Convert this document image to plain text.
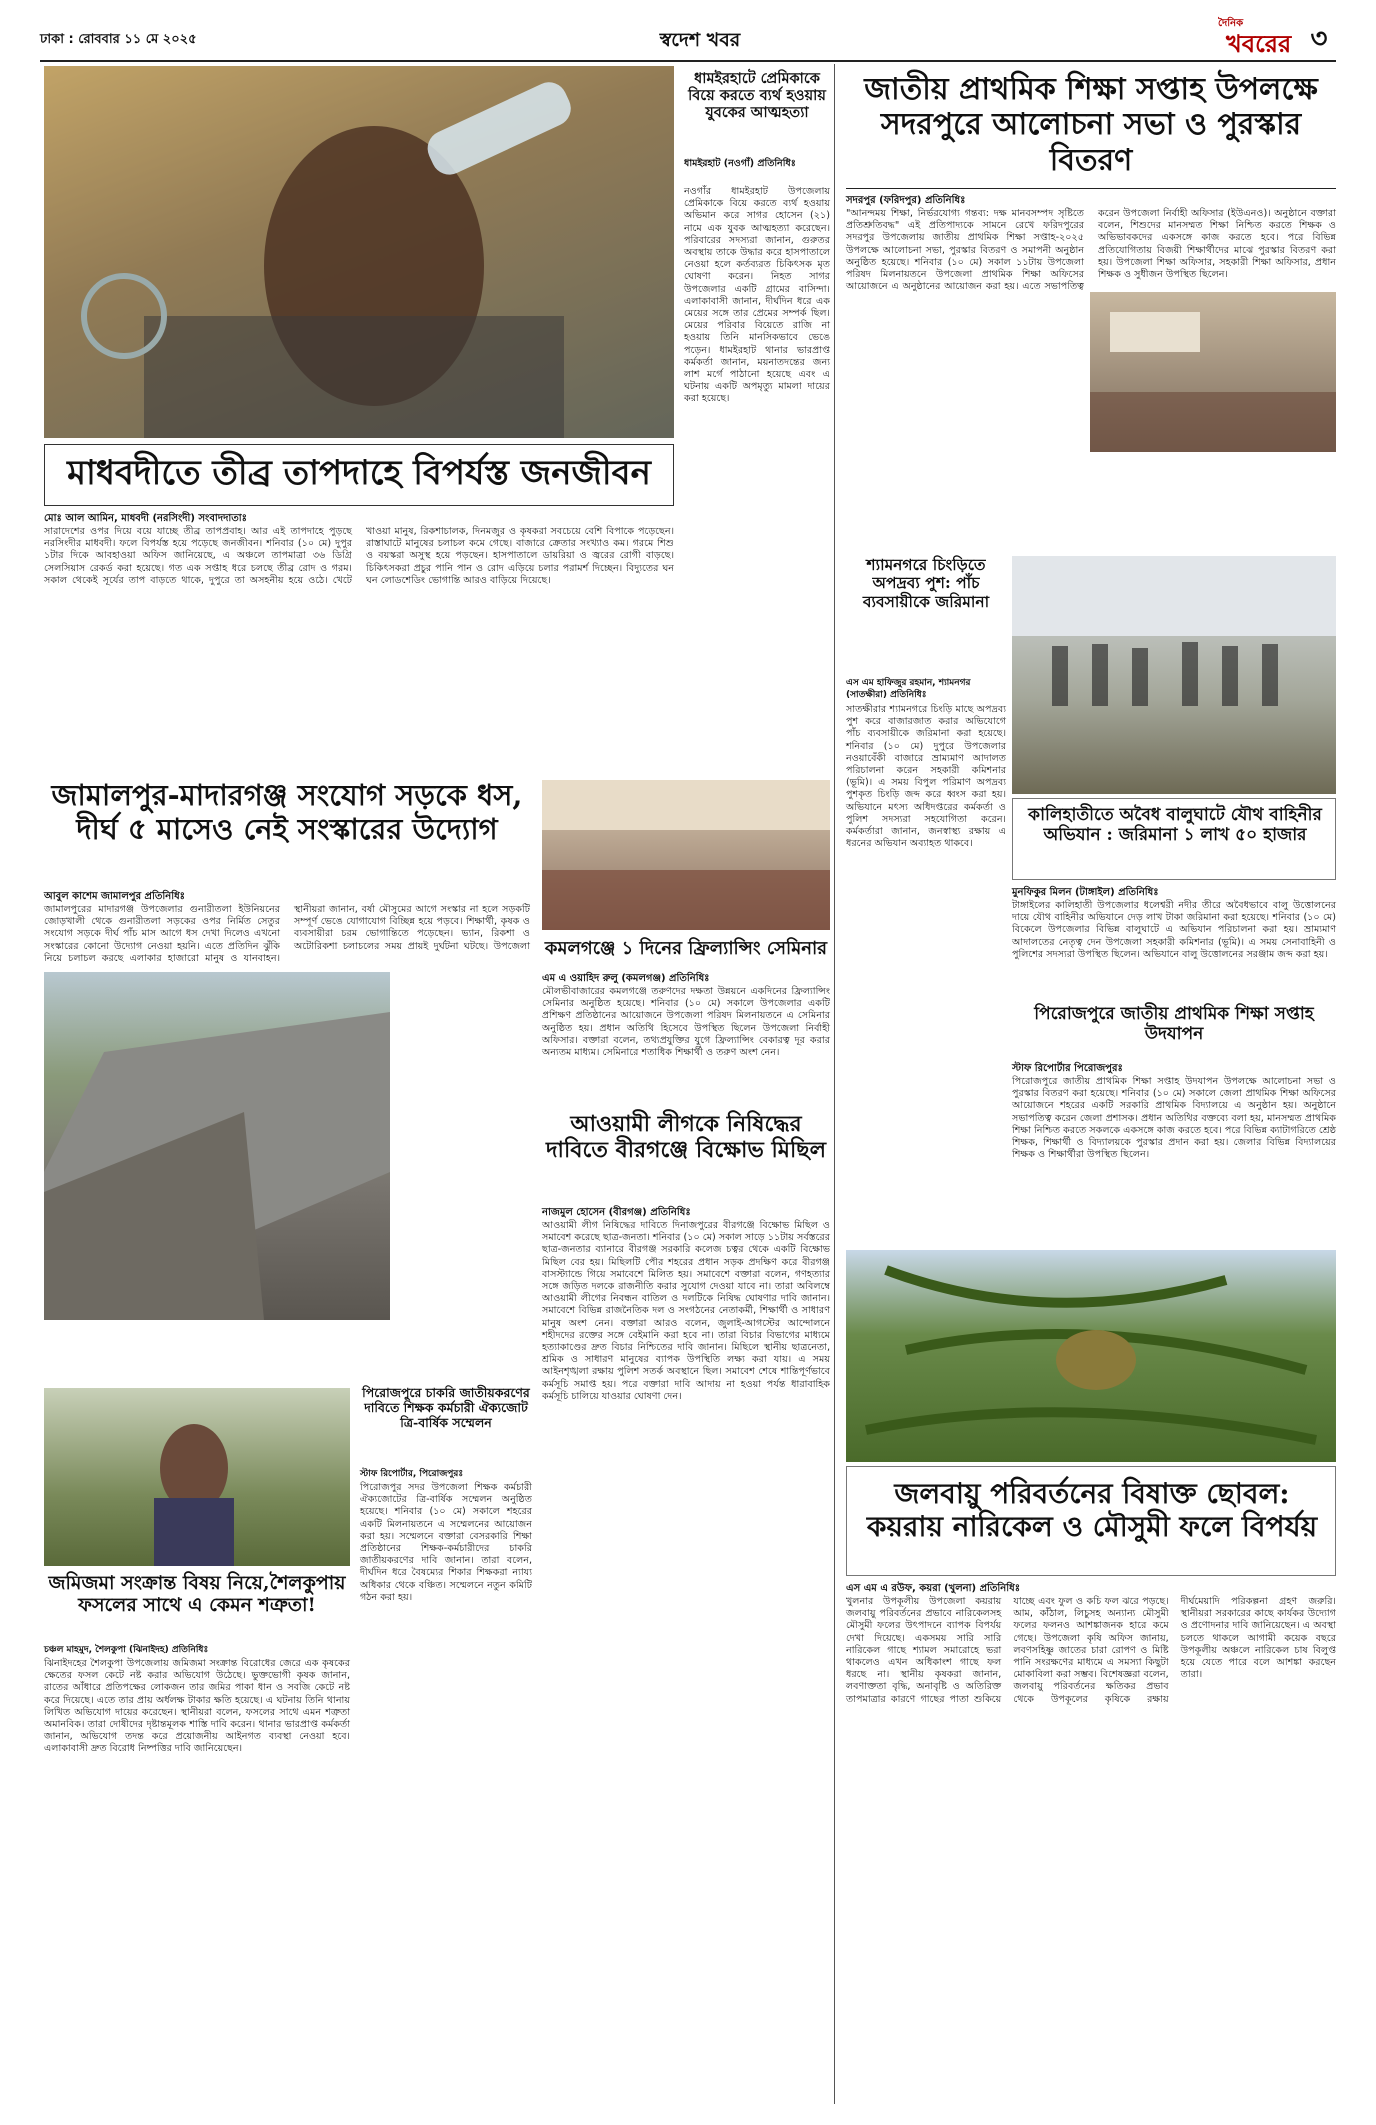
ঢাকা : রোববার ১১ মে ২০২৫	স্বদেশ খবর
দৈনিক
খবরের ৩
মাধবদীতে তীব্র তাপদাহে বিপর্যস্ত জনজীবন
মোঃ আল আমিন, মাধবদী (নরসিংদী) সংবাদদাতাঃ
সারাদেশের ওপর দিয়ে বয়ে যাচ্ছে তীব্র তাপপ্রবাহ। আর এই তাপদাহে পুড়ছে নরসিংদীর মাধবদী। ফলে বিপর্যস্ত হয়ে পড়েছে জনজীবন। শনিবার (১০ মে) দুপুর ১টার দিকে আবহাওয়া অফিস জানিয়েছে, এ অঞ্চলে তাপমাত্রা ৩৬ ডিগ্রি সেলসিয়াস রেকর্ড করা হয়েছে। গত এক সপ্তাহ ধরে চলছে তীব্র রোদ ও গরম। সকাল থেকেই সূর্যের তাপ বাড়তে থাকে, দুপুরে তা অসহনীয় হয়ে ওঠে। খেটে খাওয়া মানুষ, রিকশাচালক, দিনমজুর ও কৃষকরা সবচেয়ে বেশি বিপাকে পড়েছেন। রাস্তাঘাটে মানুষের চলাচল কমে গেছে। বাজারে ক্রেতার সংখ্যাও কম। গরমে শিশু ও বয়স্করা অসুস্থ হয়ে পড়ছেন। হাসপাতালে ডায়রিয়া ও জ্বরের রোগী বাড়ছে। চিকিৎসকরা প্রচুর পানি পান ও রোদ এড়িয়ে চলার পরামর্শ দিচ্ছেন। বিদ্যুতের ঘন ঘন লোডশেডিং ভোগান্তি আরও বাড়িয়ে দিয়েছে।
ধামইরহাটে প্রেমিকাকে বিয়ে করতে ব্যর্থ হওয়ায় যুবকের আত্মহত্যা
ধামইরহাট (নওগাঁ) প্রতিনিধিঃ
নওগাঁর ধামইরহাট উপজেলায় প্রেমিকাকে বিয়ে করতে ব্যর্থ হওয়ায় অভিমান করে সাগর হোসেন (২১) নামে এক যুবক আত্মহত্যা করেছেন। পরিবারের সদস্যরা জানান, গুরুতর অবস্থায় তাকে উদ্ধার করে হাসপাতালে নেওয়া হলে কর্তব্যরত চিকিৎসক মৃত ঘোষণা করেন। নিহত সাগর উপজেলার একটি গ্রামের বাসিন্দা। এলাকাবাসী জানান, দীর্ঘদিন ধরে এক মেয়ের সঙ্গে তার প্রেমের সম্পর্ক ছিল। মেয়ের পরিবার বিয়েতে রাজি না হওয়ায় তিনি মানসিকভাবে ভেঙে পড়েন। ধামইরহাট থানার ভারপ্রাপ্ত কর্মকর্তা জানান, ময়নাতদন্তের জন্য লাশ মর্গে পাঠানো হয়েছে এবং এ ঘটনায় একটি অপমৃত্যু মামলা দায়ের করা হয়েছে।
জাতীয় প্রাথমিক শিক্ষা সপ্তাহ উপলক্ষে সদরপুরে আলোচনা সভা ও পুরস্কার বিতরণ
সদরপুর (ফরিদপুর) প্রতিনিধিঃ
"আনন্দময় শিক্ষা, নির্ভরযোগ্য গন্তব্য: দক্ষ মানবসম্পদ সৃষ্টিতে প্রতিশ্রুতিবদ্ধ" এই প্রতিপাদ্যকে সামনে রেখে ফরিদপুরের সদরপুর উপজেলায় জাতীয় প্রাথমিক শিক্ষা সপ্তাহ-২০২৫ উপলক্ষে আলোচনা সভা, পুরস্কার বিতরণ ও সমাপনী অনুষ্ঠান অনুষ্ঠিত হয়েছে। শনিবার (১০ মে) সকাল ১১টায় উপজেলা পরিষদ মিলনায়তনে উপজেলা প্রাথমিক শিক্ষা অফিসের আয়োজনে এ অনুষ্ঠানের আয়োজন করা হয়। এতে সভাপতিত্ব করেন উপজেলা নির্বাহী অফিসার (ইউএনও)। অনুষ্ঠানে বক্তারা বলেন, শিশুদের মানসম্মত শিক্ষা নিশ্চিত করতে শিক্ষক ও অভিভাবকদের একসঙ্গে কাজ করতে হবে। পরে বিভিন্ন প্রতিযোগিতায় বিজয়ী শিক্ষার্থীদের মাঝে পুরস্কার বিতরণ করা হয়। উপজেলা শিক্ষা অফিসার, সহকারী শিক্ষা অফিসার, প্রধান শিক্ষক ও সুধীজন উপস্থিত ছিলেন।
শ্যামনগরে চিংড়িতে অপদ্রব্য পুশ: পাঁচ ব্যবসায়ীকে জরিমানা
এস এম হাফিজুর রহমান, শ্যামনগর (সাতক্ষীরা) প্রতিনিধিঃ
সাতক্ষীরার শ্যামনগরে চিংড়ি মাছে অপদ্রব্য পুশ করে বাজারজাত করার অভিযোগে পাঁচ ব্যবসায়ীকে জরিমানা করা হয়েছে। শনিবার (১০ মে) দুপুরে উপজেলার নওয়াবেঁকী বাজারে ভ্রাম্যমাণ আদালত পরিচালনা করেন সহকারী কমিশনার (ভূমি)। এ সময় বিপুল পরিমাণ অপদ্রব্য পুশকৃত চিংড়ি জব্দ করে ধ্বংস করা হয়। অভিযানে মৎস্য অধিদপ্তরের কর্মকর্তা ও পুলিশ সদস্যরা সহযোগিতা করেন। কর্মকর্তারা জানান, জনস্বাস্থ্য রক্ষায় এ ধরনের অভিযান অব্যাহত থাকবে।
কালিহাতীতে অবৈধ বালুঘাটে যৌথ বাহিনীর অভিযান : জরিমানা ১ লাখ ৫০ হাজার
মুনফিকুর মিলন (টাঙ্গাইল) প্রতিনিধিঃ
টাঙ্গাইলের কালিহাতী উপজেলার ধলেশ্বরী নদীর তীরে অবৈধভাবে বালু উত্তোলনের দায়ে যৌথ বাহিনীর অভিযানে দেড় লাখ টাকা জরিমানা করা হয়েছে। শনিবার (১০ মে) বিকেলে উপজেলার বিভিন্ন বালুঘাটে এ অভিযান পরিচালনা করা হয়। ভ্রাম্যমাণ আদালতের নেতৃত্ব দেন উপজেলা সহকারী কমিশনার (ভূমি)। এ সময় সেনাবাহিনী ও পুলিশের সদস্যরা উপস্থিত ছিলেন। অভিযানে বালু উত্তোলনের সরঞ্জাম জব্দ করা হয়।
পিরোজপুরে জাতীয় প্রাথমিক শিক্ষা সপ্তাহ উদযাপন
স্টাফ রিপোর্টার পিরোজপুরঃ
পিরোজপুরে জাতীয় প্রাথমিক শিক্ষা সপ্তাহ উদযাপন উপলক্ষে আলোচনা সভা ও পুরস্কার বিতরণ করা হয়েছে। শনিবার (১০ মে) সকালে জেলা প্রাথমিক শিক্ষা অফিসের আয়োজনে শহরের একটি সরকারি প্রাথমিক বিদ্যালয়ে এ অনুষ্ঠান হয়। অনুষ্ঠানে সভাপতিত্ব করেন জেলা প্রশাসক। প্রধান অতিথির বক্তব্যে বলা হয়, মানসম্মত প্রাথমিক শিক্ষা নিশ্চিত করতে সকলকে একসঙ্গে কাজ করতে হবে। পরে বিভিন্ন ক্যাটাগরিতে শ্রেষ্ঠ শিক্ষক, শিক্ষার্থী ও বিদ্যালয়কে পুরস্কার প্রদান করা হয়। জেলার বিভিন্ন বিদ্যালয়ের শিক্ষক ও শিক্ষার্থীরা উপস্থিত ছিলেন।
জামালপুর-মাদারগঞ্জ সংযোগ সড়কে ধস, দীর্ঘ ৫ মাসেও নেই সংস্কারের উদ্যোগ
আবুল কাশেম জামালপুর প্রতিনিধিঃ
জামালপুরের মাদারগঞ্জ উপজেলার গুনারীতলা ইউনিয়নের জোড়খালী থেকে গুনারীতলা সড়কের ওপর নির্মিত সেতুর সংযোগ সড়কে দীর্ঘ পাঁচ মাস আগে ধস দেখা দিলেও এখনো সংস্কারের কোনো উদ্যোগ নেওয়া হয়নি। এতে প্রতিদিন ঝুঁকি নিয়ে চলাচল করছে এলাকার হাজারো মানুষ ও যানবাহন। স্থানীয়রা জানান, বর্ষা মৌসুমের আগে সংস্কার না হলে সড়কটি সম্পূর্ণ ভেঙে যোগাযোগ বিচ্ছিন্ন হয়ে পড়বে। শিক্ষার্থী, কৃষক ও ব্যবসায়ীরা চরম ভোগান্তিতে পড়েছেন। ভ্যান, রিকশা ও অটোরিকশা চলাচলের সময় প্রায়ই দুর্ঘটনা ঘটছে। উপজেলা কমলগঞ্জে ১ দিনের ফ্রিল্যান্সিং সেমিনার
এম এ ওয়াহিদ রুলু (কমলগঞ্জ) প্রতিনিধিঃ
মৌলভীবাজারের কমলগঞ্জে তরুণদের দক্ষতা উন্নয়নে একদিনের ফ্রিল্যান্সিং সেমিনার অনুষ্ঠিত হয়েছে। শনিবার (১০ মে) সকালে উপজেলার একটি প্রশিক্ষণ প্রতিষ্ঠানের আয়োজনে উপজেলা পরিষদ মিলনায়তনে এ সেমিনার অনুষ্ঠিত হয়। প্রধান অতিথি হিসেবে উপস্থিত ছিলেন উপজেলা নির্বাহী অফিসার। বক্তারা বলেন, তথ্যপ্রযুক্তির যুগে ফ্রিল্যান্সিং বেকারত্ব দূর করার অন্যতম মাধ্যম। সেমিনারে শতাধিক শিক্ষার্থী ও তরুণ অংশ নেন।
আওয়ামী লীগকে নিষিদ্ধের দাবিতে বীরগঞ্জে বিক্ষোভ মিছিল
নাজমুল হোসেন (বীরগঞ্জ) প্রতিনিধিঃ
আওয়ামী লীগ নিষিদ্ধের দাবিতে দিনাজপুরের বীরগঞ্জে বিক্ষোভ মিছিল ও সমাবেশ করেছে ছাত্র-জনতা। শনিবার (১০ মে) সকাল সাড়ে ১১টায় সর্বস্তরের ছাত্র-জনতার ব্যানারে বীরগঞ্জ সরকারি কলেজ চত্বর থেকে একটি বিক্ষোভ মিছিল বের হয়। মিছিলটি পৌর শহরের প্রধান সড়ক প্রদক্ষিণ করে বীরগঞ্জ বাসস্ট্যান্ডে গিয়ে সমাবেশে মিলিত হয়। সমাবেশে বক্তারা বলেন, গণহত্যার সঙ্গে জড়িত দলকে রাজনীতি করার সুযোগ দেওয়া যাবে না। তারা অবিলম্বে আওয়ামী লীগের নিবন্ধন বাতিল ও দলটিকে নিষিদ্ধ ঘোষণার দাবি জানান। সমাবেশে বিভিন্ন রাজনৈতিক দল ও সংগঠনের নেতাকর্মী, শিক্ষার্থী ও সাধারণ মানুষ অংশ নেন। বক্তারা আরও বলেন, জুলাই-আগস্টের আন্দোলনে শহীদদের রক্তের সঙ্গে বেইমানি করা হবে না। তারা বিচার বিভাগের মাধ্যমে হত্যাকাণ্ডের দ্রুত বিচার নিশ্চিতের দাবি জানান। মিছিলে স্থানীয় ছাত্রনেতা, শ্রমিক ও সাধারণ মানুষের ব্যাপক উপস্থিতি লক্ষ্য করা যায়। এ সময় আইনশৃঙ্খলা রক্ষায় পুলিশ সতর্ক অবস্থানে ছিল। সমাবেশ শেষে শান্তিপূর্ণভাবে কর্মসূচি সমাপ্ত হয়। পরে বক্তারা দাবি আদায় না হওয়া পর্যন্ত ধারাবাহিক কর্মসূচি চালিয়ে যাওয়ার ঘোষণা দেন।
পিরোজপুরে চাকরি জাতীয়করণের দাবিতে শিক্ষক কর্মচারী ঐক্যজোট ত্রি-বার্ষিক সম্মেলন
স্টাফ রিপোর্টার, পিরোজপুরঃ
পিরোজপুর সদর উপজেলা শিক্ষক কর্মচারী ঐক্যজোটের ত্রি-বার্ষিক সম্মেলন অনুষ্ঠিত হয়েছে। শনিবার (১০ মে) সকালে শহরের একটি মিলনায়তনে এ সম্মেলনের আয়োজন করা হয়। সম্মেলনে বক্তারা বেসরকারি শিক্ষা প্রতিষ্ঠানের শিক্ষক-কর্মচারীদের চাকরি জাতীয়করণের দাবি জানান। তারা বলেন, দীর্ঘদিন ধরে বৈষম্যের শিকার শিক্ষকরা ন্যায্য অধিকার থেকে বঞ্চিত। সম্মেলনে নতুন কমিটি গঠন করা হয়।
জমিজমা সংক্রান্ত বিষয় নিয়ে,শৈলকুপায় ফসলের সাথে এ কেমন শত্রুতা!
চঞ্চল মাহমুদ, শৈলকুপা (ঝিনাইদহ) প্রতিনিধিঃ
ঝিনাইদহের শৈলকুপা উপজেলায় জমিজমা সংক্রান্ত বিরোধের জেরে এক কৃষকের ক্ষেতের ফসল কেটে নষ্ট করার অভিযোগ উঠেছে। ভুক্তভোগী কৃষক জানান, রাতের আঁধারে প্রতিপক্ষের লোকজন তার জমির পাকা ধান ও সবজি কেটে নষ্ট করে দিয়েছে। এতে তার প্রায় অর্ধলক্ষ টাকার ক্ষতি হয়েছে। এ ঘটনায় তিনি থানায় লিখিত অভিযোগ দায়ের করেছেন। স্থানীয়রা বলেন, ফসলের সাথে এমন শত্রুতা অমানবিক। তারা দোষীদের দৃষ্টান্তমূলক শাস্তি দাবি করেন। থানার ভারপ্রাপ্ত কর্মকর্তা জানান, অভিযোগ তদন্ত করে প্রয়োজনীয় আইনগত ব্যবস্থা নেওয়া হবে। এলাকাবাসী দ্রুত বিরোধ নিষ্পত্তির দাবি জানিয়েছেন।
জলবায়ু পরিবর্তনের বিষাক্ত ছোবল: কয়রায় নারিকেল ও মৌসুমী ফলে বিপর্যয়
এস এম এ রউফ, কয়রা (খুলনা) প্রতিনিধিঃ
খুলনার উপকূলীয় উপজেলা কয়রায় জলবায়ু পরিবর্তনের প্রভাবে নারিকেলসহ মৌসুমী ফলের উৎপাদনে ব্যাপক বিপর্যয় দেখা দিয়েছে। একসময় সারি সারি নারিকেল গাছে শ্যামল সমারোহে ভরা থাকলেও এখন অধিকাংশ গাছে ফল ধরছে না। স্থানীয় কৃষকরা জানান, লবণাক্ততা বৃদ্ধি, অনাবৃষ্টি ও অতিরিক্ত তাপমাত্রার কারণে গাছের পাতা শুকিয়ে যাচ্ছে এবং ফুল ও কচি ফল ঝরে পড়ছে। আম, কাঁঠাল, লিচুসহ অন্যান্য মৌসুমী ফলের ফলনও আশঙ্কাজনক হারে কমে গেছে। উপজেলা কৃষি অফিস জানায়, লবণসহিষ্ণু জাতের চারা রোপণ ও মিষ্টি পানি সংরক্ষণের মাধ্যমে এ সমস্যা কিছুটা মোকাবিলা করা সম্ভব। বিশেষজ্ঞরা বলেন, জলবায়ু পরিবর্তনের ক্ষতিকর প্রভাব থেকে উপকূলের কৃষিকে রক্ষায় দীর্ঘমেয়াদি পরিকল্পনা গ্রহণ জরুরি। স্থানীয়রা সরকারের কাছে কার্যকর উদ্যোগ ও প্রণোদনার দাবি জানিয়েছেন। এ অবস্থা চলতে থাকলে আগামী কয়েক বছরে উপকূলীয় অঞ্চলে নারিকেল চাষ বিলুপ্ত হয়ে যেতে পারে বলে আশঙ্কা করছেন তারা।
